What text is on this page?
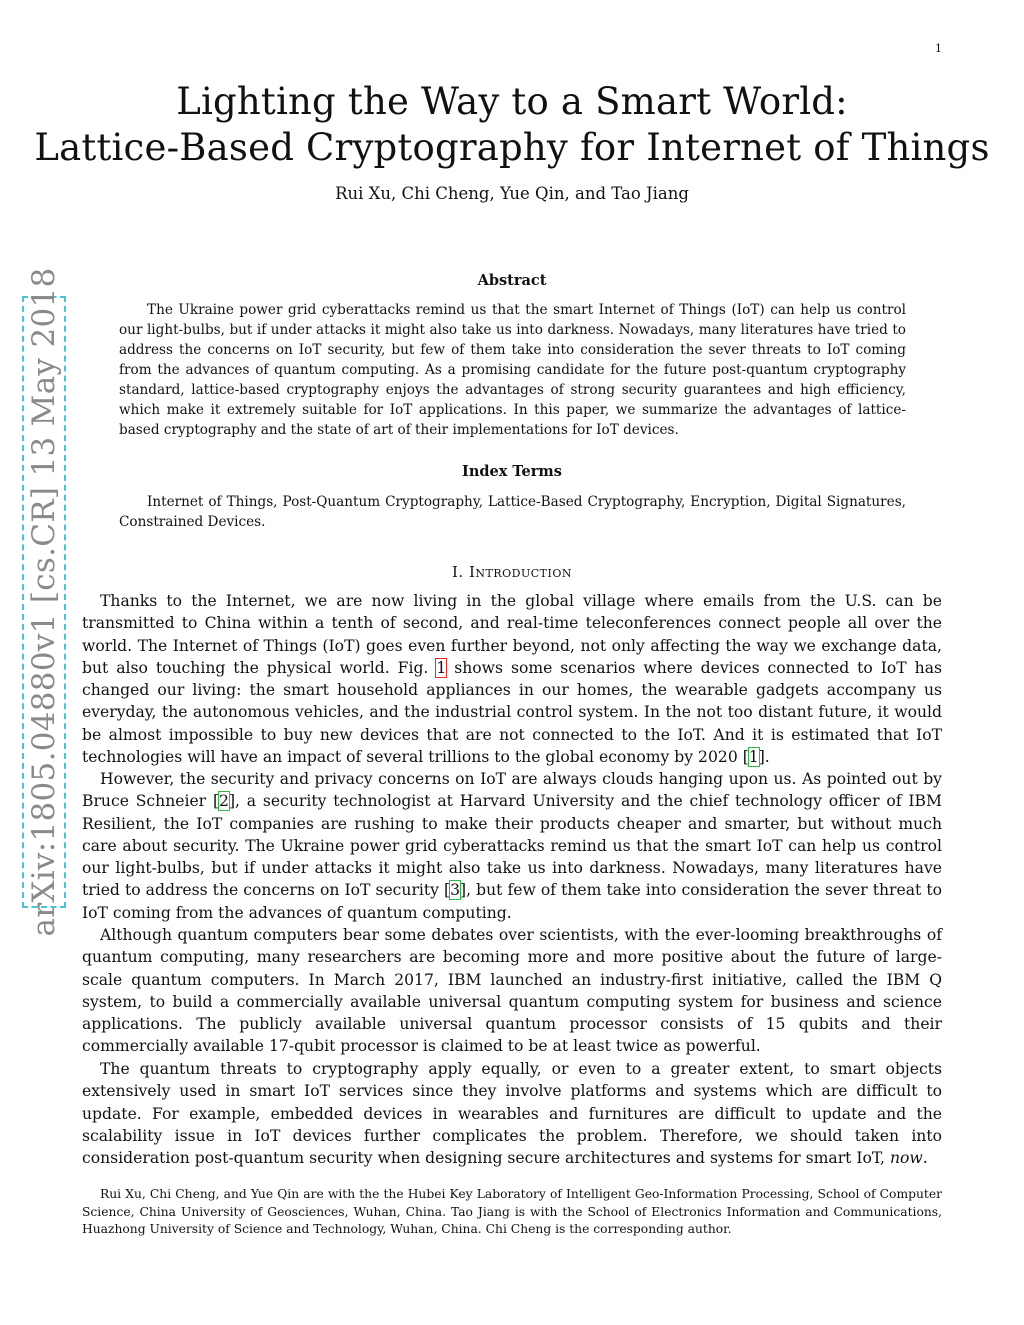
1
arXiv:1805.04880v1 [cs.CR] 13 May 2018
Lighting the Way to a Smart World:
Lattice-Based Cryptography for Internet of Things
Rui Xu, Chi Cheng, Yue Qin, and Tao Jiang
Abstract

The Ukraine power grid cyberattacks remind us that the smart Internet of Things (IoT) can help us control our light-bulbs, but if under attacks it might also take us into darkness. Nowadays, many literatures have tried to address the concerns on IoT security, but few of them take into consideration the sever threats to IoT coming from the advances of quantum computing. As a promising candidate for the future post-quantum cryptography standard, lattice-based cryptography enjoys the advantages of strong security guarantees and high efficiency, which make it extremely suitable for IoT applications. In this paper, we summarize the advantages of lattice-based cryptography and the state of art of their implementations for IoT devices.

Index Terms

Internet of Things, Post-Quantum Cryptography, Lattice-Based Cryptography, Encryption, Digital Signatures, Constrained Devices.

I. Introduction

Thanks to the Internet, we are now living in the global village where emails from the U.S. can be transmitted to China within a tenth of second, and real-time teleconferences connect people all over the world. The Internet of Things (IoT) goes even further beyond, not only affecting the way we exchange data, but also touching the physical world. Fig. 1 shows some scenarios where devices connected to IoT has changed our living: the smart household appliances in our homes, the wearable gadgets accompany us everyday, the autonomous vehicles, and the industrial control system. In the not too distant future, it would be almost impossible to buy new devices that are not connected to the IoT. And it is estimated that IoT technologies will have an impact of several trillions to the global economy by 2020 [1].

However, the security and privacy concerns on IoT are always clouds hanging upon us. As pointed out by Bruce Schneier [2], a security technologist at Harvard University and the chief technology officer of IBM Resilient, the IoT companies are rushing to make their products cheaper and smarter, but without much care about security. The Ukraine power grid cyberattacks remind us that the smart IoT can help us control our light-bulbs, but if under attacks it might also take us into darkness. Nowadays, many literatures have tried to address the concerns on IoT security [3], but few of them take into consideration the sever threat to IoT coming from the advances of quantum computing.

Although quantum computers bear some debates over scientists, with the ever-looming breakthroughs of quantum computing, many researchers are becoming more and more positive about the future of large-scale quantum computers. In March 2017, IBM launched an industry-first initiative, called the IBM Q system, to build a commercially available universal quantum computing system for business and science applications. The publicly available universal quantum processor consists of 15 qubits and their commercially available 17-qubit processor is claimed to be at least twice as powerful.

The quantum threats to cryptography apply equally, or even to a greater extent, to smart objects extensively used in smart IoT services since they involve platforms and systems which are difficult to update. For example, embedded devices in wearables and furnitures are difficult to update and the scalability issue in IoT devices further complicates the problem. Therefore, we should taken into consideration post-quantum security when designing secure architectures and systems for smart IoT, now.

Rui Xu, Chi Cheng, and Yue Qin are with the the Hubei Key Laboratory of Intelligent Geo-Information Processing, School of Computer Science, China University of Geosciences, Wuhan, China. Tao Jiang is with the School of Electronics Information and Communications, Huazhong University of Science and Technology, Wuhan, China. Chi Cheng is the corresponding author.
